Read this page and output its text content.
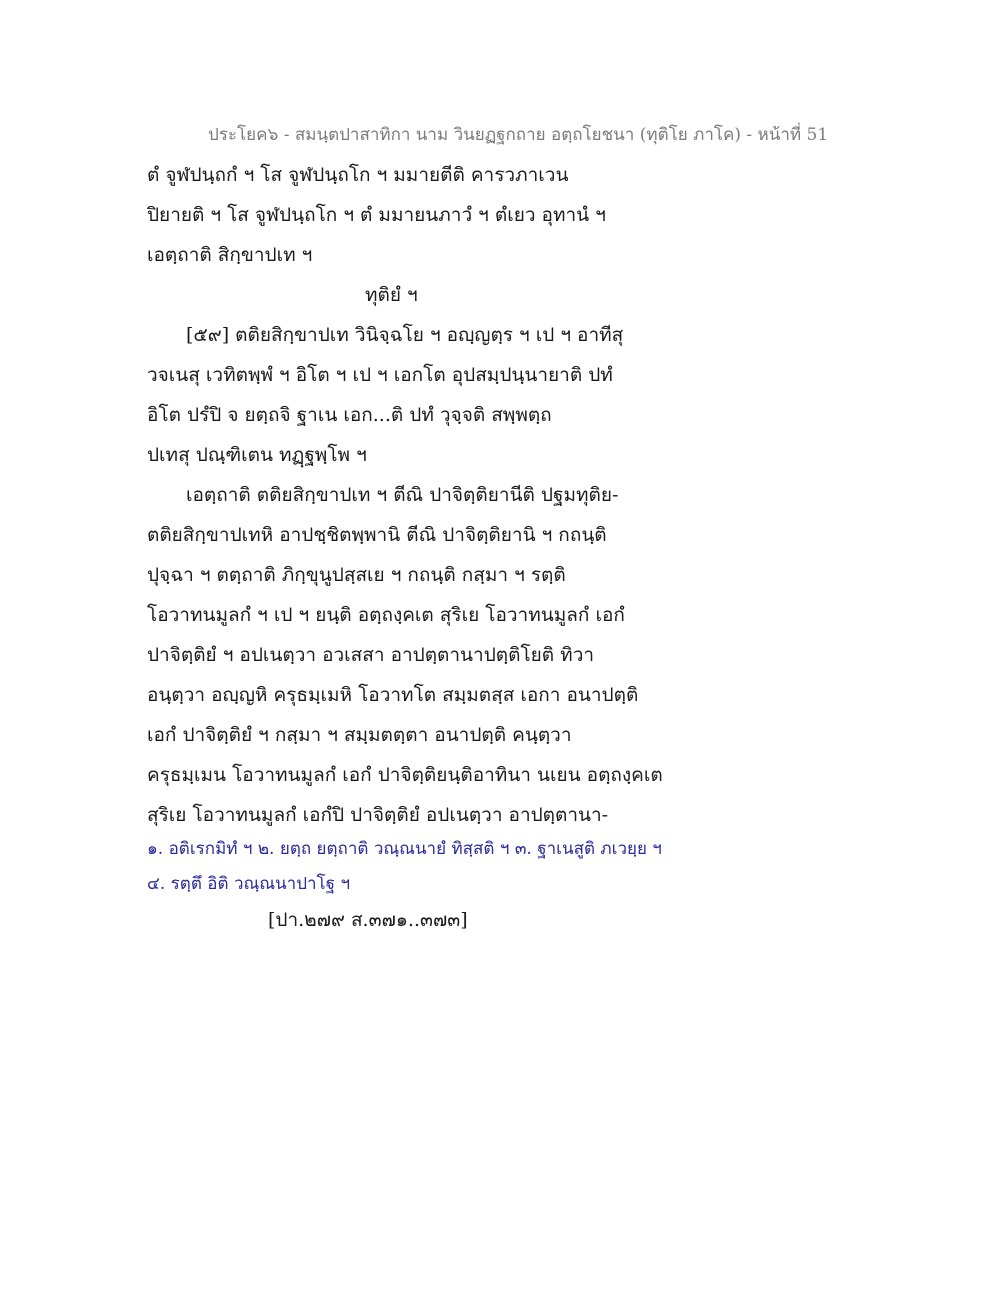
ประโยค๖ - สมนฺตปาสาทิกา นาม วินยฏฐกถาย อตฺถโยชนา (ทุติโย ภาโค) - หน้าที่ 51
ตํ จูฬปนฺถกํ ฯ โส จูฬปนฺถโก ฯ มมายตีติ คารวภาเวน
ปิยายติ ฯ โส จูฬปนฺถโก ฯ ตํ มมายนภาวํ ฯ ตํเยว อุทานํ ฯ
เอตฺถาติ สิกฺขาปเท ฯ
ทุติยํ ฯ
[๕๙] ตติยสิกฺขาปเท วินิจฺฉโย ฯ อญฺญตฺร ฯ เป ฯ อาทีสุ
วจเนสุ เวทิตพฺพํ ฯ อิโต ฯ เป ฯ เอกโต อุปสมฺปนฺนายาติ ปทํ
อิโต ปรํปิ จ ยตฺถจิ ฐาเน เอก...ติ ปทํ วุจฺจติ สพฺพตฺถ
ปเทสุ ปณฺฑิเตน ทฏฺฐพฺโพ ฯ
เอตฺถาติ ตติยสิกฺขาปเท ฯ ตีณิ ปาจิตฺติยานีติ ปฐมทุติย-
ตติยสิกฺขาปเทหิ อาปชฺชิตพฺพานิ ตีณิ ปาจิตฺติยานิ ฯ กถนฺติ
ปุจฺฉา ฯ ตตฺถาติ ภิกฺขุนูปสฺสเย ฯ กถนฺติ กสฺมา ฯ รตฺติ
โอวาทนมูลกํ ฯ เป ฯ ยนฺติ อตฺถงฺคเต สุริเย โอวาทนมูลกํ เอกํ
ปาจิตฺติยํ ฯ อปเนตฺวา อวเสสา อาปตฺตานาปตฺติโยติ ทิวา
อนฺตฺวา อญฺญหิ ครุธมฺเมหิ โอวาทโต สมฺมตสฺส เอกา อนาปตฺติ
เอกํ ปาจิตฺติยํ ฯ กสฺมา ฯ สมฺมตตฺตา อนาปตฺติ คนฺตฺวา
ครุธมฺเมน โอวาทนมูลกํ เอกํ ปาจิตฺติยนฺติอาทินา นเยน อตฺถงฺคเต
สุริเย โอวาทนมูลกํ เอกํปิ ปาจิตฺติยํ อปเนตฺวา อาปตฺตานา-
๑. อติเรกมิทํ ฯ ๒. ยตฺถ ยตฺถาติ วณฺณนายํ ทิสฺสติ ฯ ๓. ฐาเนสูติ ภเวยฺย ฯ
๔. รตฺตึ อิติ วณฺณนาปาโฐ ฯ
[ปา.๒๗๙ ส.๓๗๑..๓๗๓]
